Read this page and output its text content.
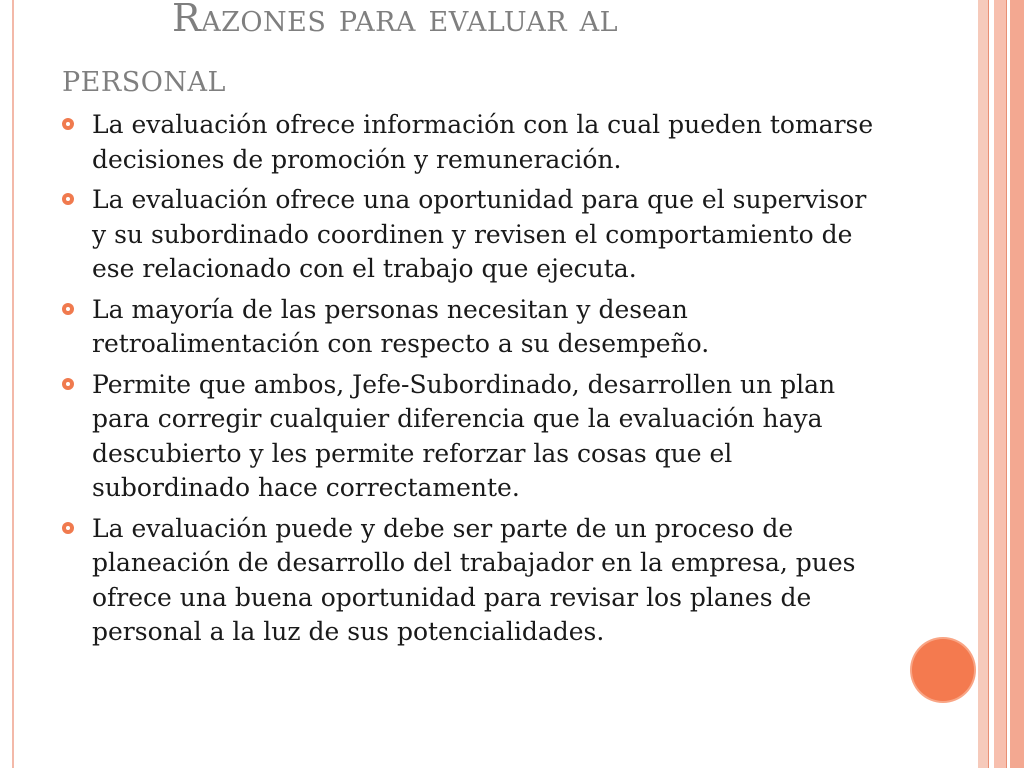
Razones para evaluar al
personal
La evaluación ofrece información con la cual pueden tomarse decisiones de promoción y remuneración.
La evaluación ofrece una oportunidad para que el supervisor y su subordinado coordinen y revisen el comportamiento de ese relacionado con el trabajo que ejecuta.
La mayoría de las personas necesitan y desean retroalimentación con respecto a su desempeño.
Permite que ambos, Jefe-Subordinado, desarrollen un plan para corregir cualquier diferencia que la evaluación haya descubierto y les permite reforzar las cosas que el subordinado hace correctamente.
La evaluación puede y debe ser parte de un proceso de planeación de desarrollo del trabajador en la empresa, pues ofrece una buena oportunidad para revisar los planes de personal a la luz de sus potencialidades.
